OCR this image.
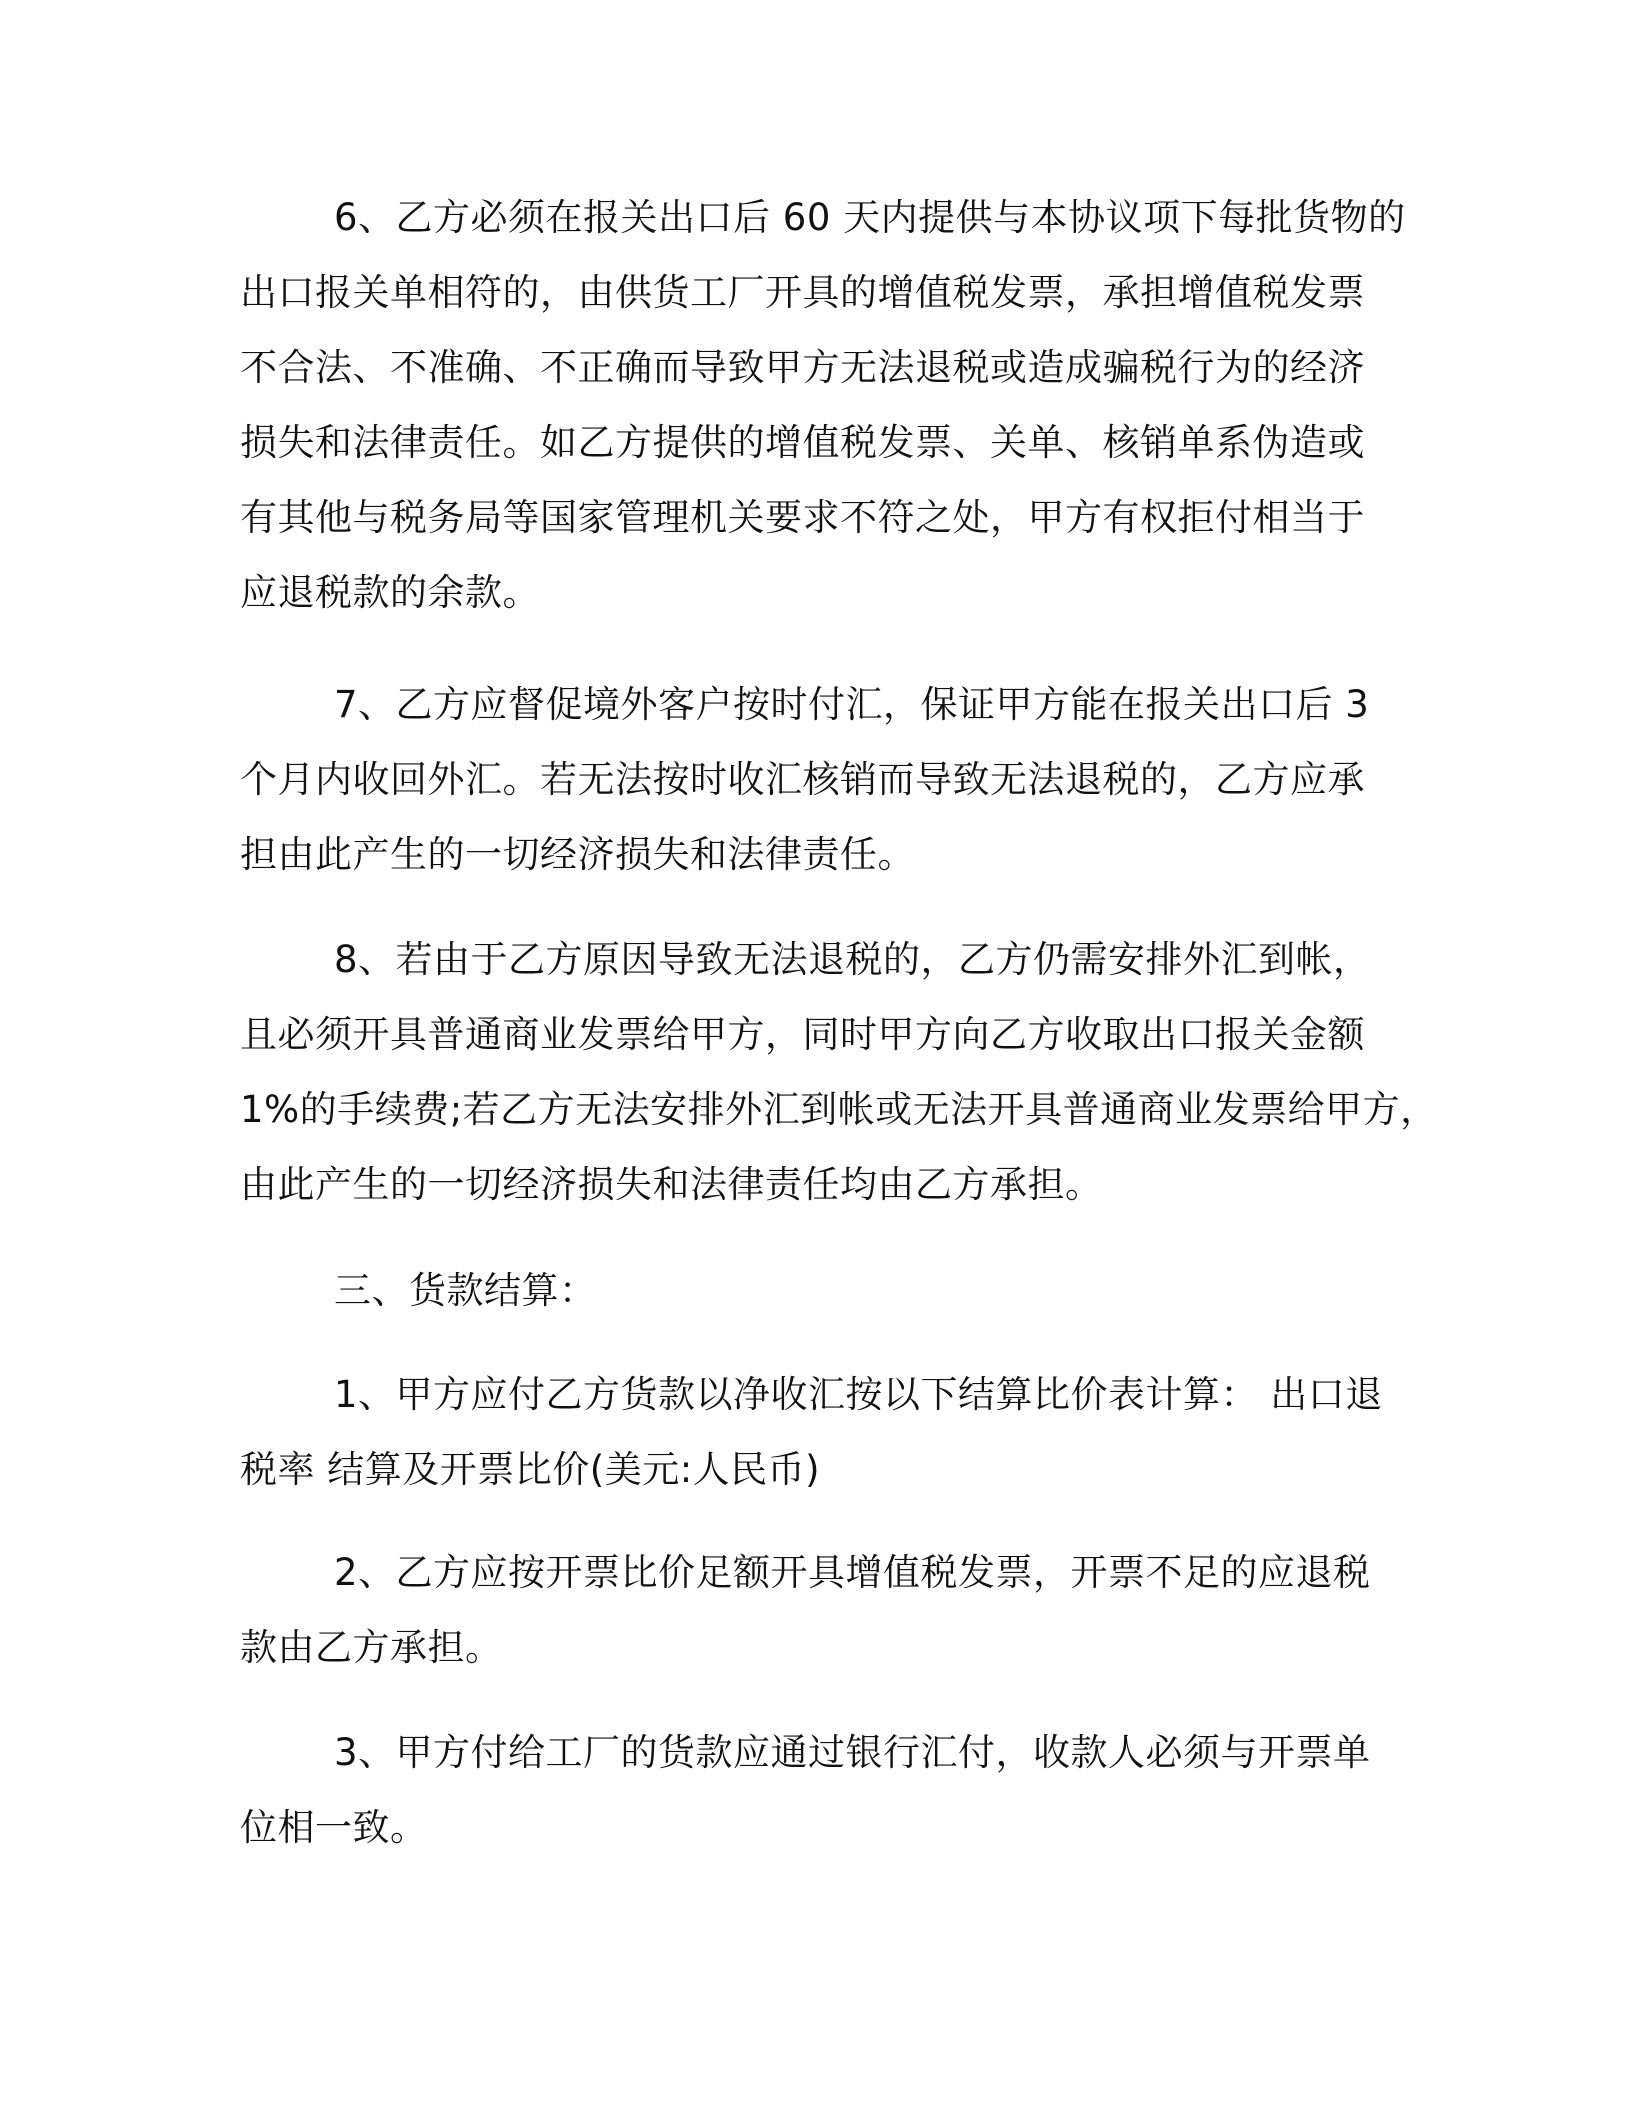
6、乙方必须在报关出口后 60 天内提供与本协议项下每批货物的
出口报关单相符的，由供货工厂开具的增值税发票，承担增值税发票
不合法、不准确、不正确而导致甲方无法退税或造成骗税行为的经济
损失和法律责任。如乙方提供的增值税发票、关单、核销单系伪造或
有其他与税务局等国家管理机关要求不符之处，甲方有权拒付相当于
应退税款的余款。
7、乙方应督促境外客户按时付汇，保证甲方能在报关出口后 3
个月内收回外汇。若无法按时收汇核销而导致无法退税的，乙方应承
担由此产生的一切经济损失和法律责任。
8、若由于乙方原因导致无法退税的，乙方仍需安排外汇到帐，
且必须开具普通商业发票给甲方，同时甲方向乙方收取出口报关金额
1%的手续费;若乙方无法安排外汇到帐或无法开具普通商业发票给甲方，
由此产生的一切经济损失和法律责任均由乙方承担。
三、货款结算：
1、甲方应付乙方货款以净收汇按以下结算比价表计算： 出口退
税率 结算及开票比价(美元:人民币)
2、乙方应按开票比价足额开具增值税发票，开票不足的应退税
款由乙方承担。
3、甲方付给工厂的货款应通过银行汇付，收款人必须与开票单
位相一致。
